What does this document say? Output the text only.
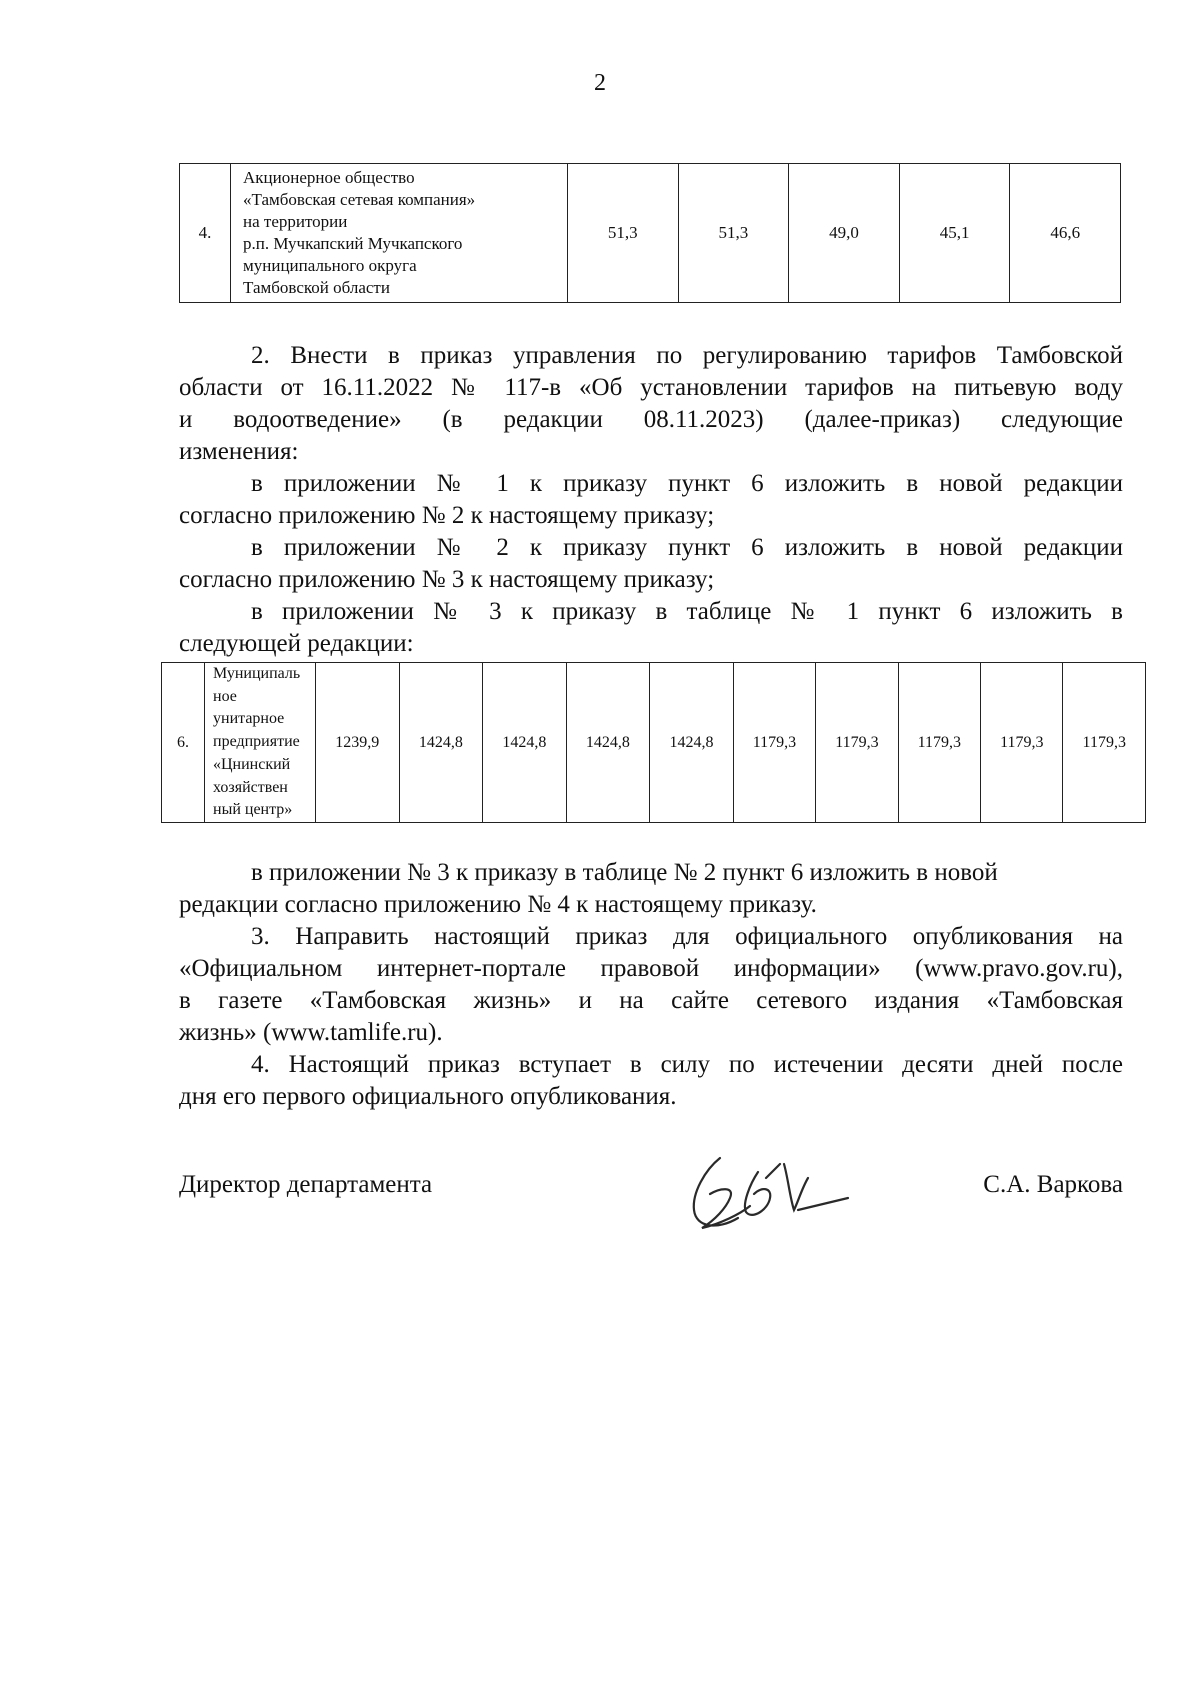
2
4.	
Акционерное общество
«Тамбовская сетевая компания»
на территории
р.п. Мучкапский Мучкапского
муниципального округа
Тамбовской области
	51,3	51,3	49,0	45,1	46,6
2. Внести в приказ управления по регулированию тарифов Тамбовской
области от 16.11.2022 № 117-в «Об установлении тарифов на питьевую воду
и водоотведение» (в редакции 08.11.2023) (далее-приказ) следующие
изменения:
в приложении № 1 к приказу пункт 6 изложить в новой редакции
согласно приложению № 2 к настоящему приказу;
в приложении № 2 к приказу пункт 6 изложить в новой редакции
согласно приложению № 3 к настоящему приказу;
в приложении № 3 к приказу в таблице № 1 пункт 6 изложить в
следующей редакции:
6.	
Муниципаль
ное
унитарное
предприятие
«Цнинский
хозяйствен
ный центр»
	1239,9	1424,8	1424,8	1424,8	1424,8	1179,3	1179,3	1179,3	1179,3	1179,3
в приложении № 3 к приказу в таблице № 2 пункт 6 изложить в новой
редакции согласно приложению № 4 к настоящему приказу.
3. Направить настоящий приказ для официального опубликования на
«Официальном интернет-портале правовой информации» (www.pravo.gov.ru),
в газете «Тамбовская жизнь» и на сайте сетевого издания «Тамбовская
жизнь» (www.tamlife.ru).
4. Настоящий приказ вступает в силу по истечении десяти дней после
дня его первого официального опубликования.
Директор департамента	С.А. Варкова
